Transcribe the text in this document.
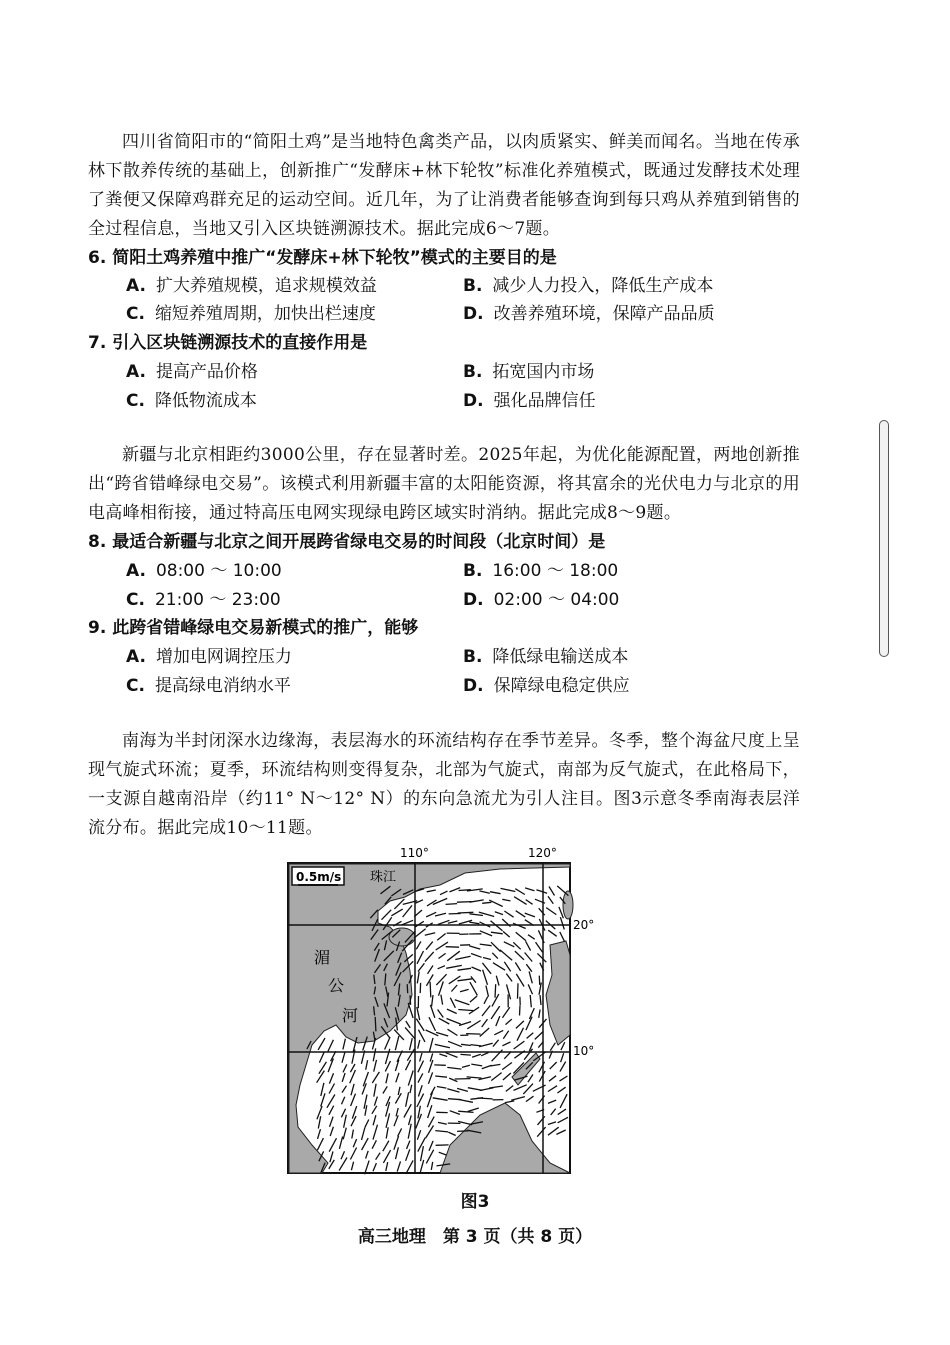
四川省简阳市的“简阳土鸡”是当地特色禽类产品，以肉质紧实、鲜美而闻名。当地在传承林下散养传统的基础上，创新推广“发酵床+林下轮牧”标准化养殖模式，既通过发酵技术处理了粪便又保障鸡群充足的运动空间。近几年，为了让消费者能够查询到每只鸡从养殖到销售的全过程信息，当地又引入区块链溯源技术。据此完成6～7题。
6. 简阳土鸡养殖中推广“发酵床+林下轮牧”模式的主要目的是
A. 扩大养殖规模，追求规模效益	B. 减少人力投入，降低生产成本
C. 缩短养殖周期，加快出栏速度	D. 改善养殖环境，保障产品品质
7. 引入区块链溯源技术的直接作用是
A. 提高产品价格	B. 拓宽国内市场
C. 降低物流成本	D. 强化品牌信任
新疆与北京相距约3000公里，存在显著时差。2025年起，为优化能源配置，两地创新推出“跨省错峰绿电交易”。该模式利用新疆丰富的太阳能资源，将其富余的光伏电力与北京的用电高峰相衔接，通过特高压电网实现绿电跨区域实时消纳。据此完成8～9题。
8. 最适合新疆与北京之间开展跨省绿电交易的时间段（北京时间）是
A. 08:00 ～ 10:00	B. 16:00 ～ 18:00
C. 21:00 ～ 23:00	D. 02:00 ～ 04:00
9. 此跨省错峰绿电交易新模式的推广，能够
A. 增加电网调控压力	B. 降低绿电输送成本
C. 提高绿电消纳水平	D. 保障绿电稳定供应
南海为半封闭深水边缘海，表层海水的环流结构存在季节差异。冬季，整个海盆尺度上呈现气旋式环流；夏季，环流结构则变得复杂，北部为气旋式，南部为反气旋式，在此格局下，一支源自越南沿岸（约11° N～12° N）的东向急流尤为引人注目。图3示意冬季南海表层洋流分布。据此完成10～11题。
0.5m/s
110°	120°
20°
10°
珠江
湄
公
河
图3
高三地理　第 3 页（共 8 页）
